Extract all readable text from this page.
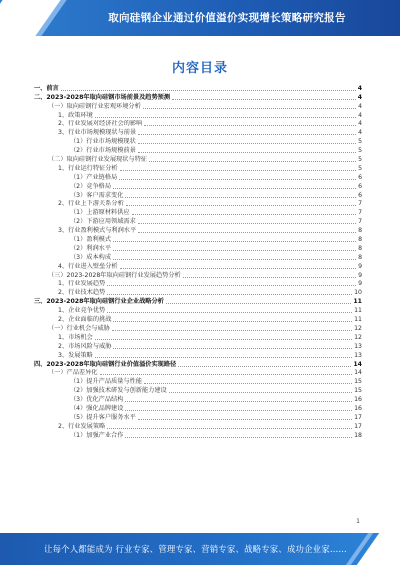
取向硅钢企业通过价值溢价实现增长策略研究报告
内容目录
一、前言	4
二、2023-2028年取向硅钢市场前景及趋势预测	4
（一）取向硅钢行业宏观环境分析	4
1、政策环境	4
2、行业发展对经济社会的影响	4
3、行业市场规模现状与前景	4
（1）行业市场规模现状	5
（2）行业市场规模前景	5
（二）取向硅钢行业发展现状与特征	5
1、行业运行特征分析	5
（1）产业链格局	6
（2）竞争格局	6
（3）客户需求变化	6
2、行业上下游关系分析	7
（1）上游原材料供应	7
（2）下游应用领域需求	7
3、行业盈利模式与利润水平	8
（1）盈利模式	8
（2）利润水平	8
（3）成本构成	8
4、行业进入壁垒分析	9
（三）2023-2028年取向硅钢行业发展趋势分析	9
1、行业发展趋势	9
2、行业技术趋势	10
三、2023-2028年取向硅钢行业企业战略分析	11
1、企业竞争优势	11
2、企业面临的挑战	11
（一）行业机会与威胁	12
1、市场机会	12
2、市场风险与威胁	13
3、发展策略	13
四、2023-2028年取向硅钢行业价值溢价实现路径	14
（一）产品差异化	14
（1）提升产品质量与性能	15
（2）加强技术研发与创新能力建设	15
（3）优化产品结构	16
（4）强化品牌建设	16
（5）提升客户服务水平	17
2、行业发展策略	17
（1）加强产业合作	18
1
让每个人都能成为 行业专家、管理专家、营销专家、战略专家、成功企业家……
